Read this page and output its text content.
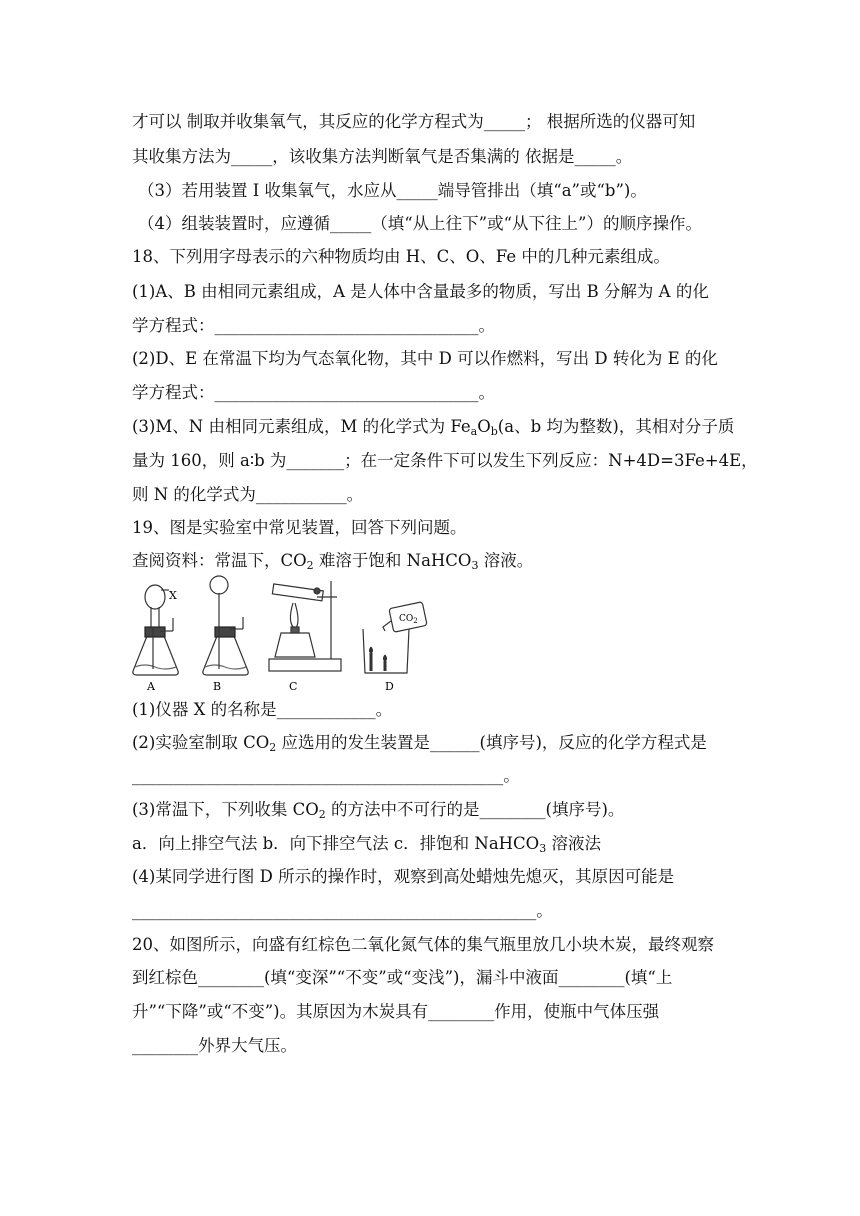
才可以 制取并收集氧气，其反应的化学方程式为_____； 根据所选的仪器可知
其收集方法为_____，该收集方法判断氧气是否集满的 依据是_____。
（3）若用装置 I 收集氧气，水应从_____端导管排出（填“a”或“b”)。
（4）组装装置时，应遵循_____（填“从上往下”或“从下往上”）的顺序操作。
18、下列用字母表示的六种物质均由 H、C、O、Fe 中的几种元素组成。
(1)A、B 由相同元素组成，A 是人体中含量最多的物质，写出 B 分解为 A 的化
学方程式：________________________________。
(2)D、E 在常温下均为气态氧化物，其中 D 可以作燃料，写出 D 转化为 E 的化
学方程式：________________________________。
(3)M、N 由相同元素组成，M 的化学式为 $Fe_aO_b(a$、b 均为整数)，其相对分子质
量为 160，则 a∶b 为_______；在一定条件下可以发生下列反应：N+4D=3Fe+4E，
则 N 的化学式为___________。
19、图是实验室中常见装置，回答下列问题。
查阅资料：常温下，$CO_2$ 难溶于饱和 NaHCO$_3$ 溶液。
X
$CO_2$
A	B	C	D
(1)仪器 X 的名称是____________。
(2)实验室制取 $CO_2$ 应选用的发生装置是______(填序号)，反应的化学方程式是
_____________________________________________。
(3)常温下，下列收集 $CO_2$ 的方法中不可行的是________(填序号)。
a．向上排空气法 b．向下排空气法 c．排饱和 NaHCO$_3$ 溶液法
(4)某同学进行图 D 所示的操作时，观察到高处蜡烛先熄灭，其原因可能是
_________________________________________________。
20、如图所示，向盛有红棕色二氧化氮气体的集气瓶里放几小块木炭，最终观察
到红棕色________(填“变深”“不变”或“变浅”)，漏斗中液面________(填“上
升”“下降”或“不变”)。其原因为木炭具有________作用，使瓶中气体压强
________外界大气压。
